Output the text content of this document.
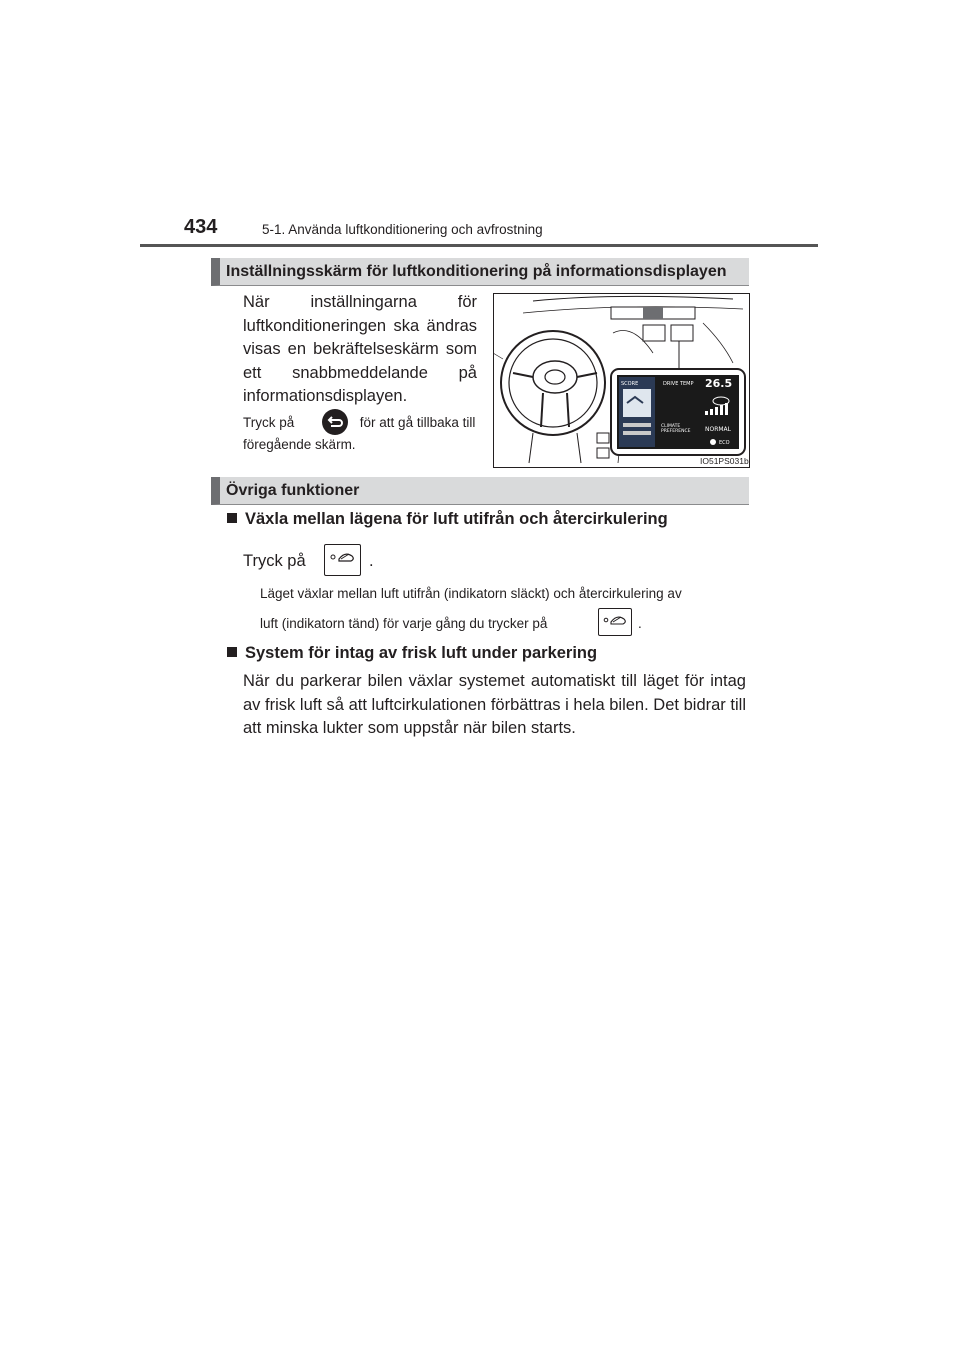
434	5-1. Använda luftkonditionering och avfrostning
Inställningsskärm för luftkonditionering på informationsdisplayen
När inställningarna för luftkonditioneringen ska ändras visas en bekräftelseskärm som ett snabbmeddelande på informationsdisplayen.
Tryck på	för att gå tillbaka till föregående skärm.
SCORE	DRIVE TEMP 26.5
CLIMATE
PREFERENCE NORMAL
ECO
IO51PS031b
Övriga funktioner
Växla mellan lägena för luft utifrån och återcirkulering
Tryck på	.
Läget växlar mellan luft utifrån (indikatorn släckt) och återcirkulering av
luft (indikatorn tänd) för varje gång du trycker på	.
System för intag av frisk luft under parkering
När du parkerar bilen växlar systemet automatiskt till läget för intag av frisk luft så att luftcirkulationen förbättras i hela bilen. Det bidrar till att minska lukter som uppstår när bilen starts.
